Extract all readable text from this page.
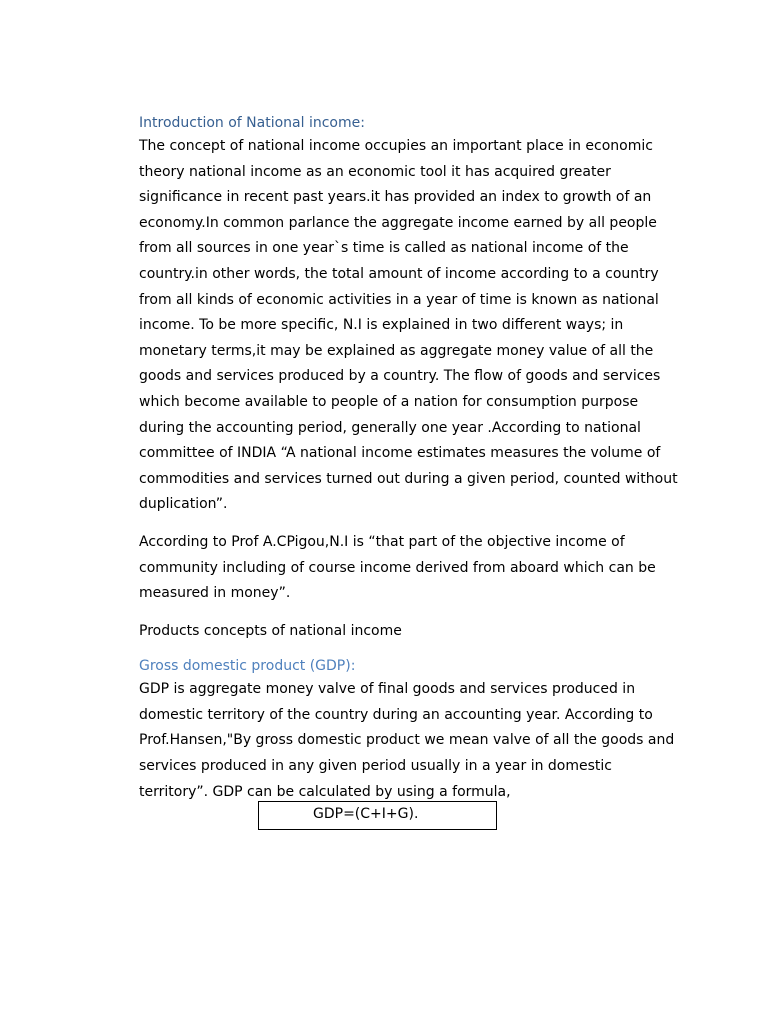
Introduction of National income:

The concept of national income occupies an important place in economic
theory national income as an economic tool it has acquired greater
significance in recent past years.it has provided an index to growth of an
economy.In common parlance the aggregate income earned by all people
from all sources in one year`s time is called as national income of the
country.in other words, the total amount of income according to a country
from all kinds of economic activities in a year of time is known as national
income. To be more specific, N.I is explained in two different ways; in
monetary terms,it may be explained as aggregate money value of all the
goods and services produced by a country. The flow of goods and services
which become available to people of a nation for consumption purpose
during the accounting period, generally one year .According to national
committee of INDIA “A national income estimates measures the volume of
commodities and services turned out during a given period, counted without
duplication”.

According to Prof A.CPigou,N.I is “that part of the objective income of
community including of course income derived from aboard which can be
measured in money”.

Products concepts of national income

Gross domestic product (GDP):

GDP is aggregate money valve of final goods and services produced in
domestic territory of the country during an accounting year. According to
Prof.Hansen,"By gross domestic product we mean valve of all the goods and
services produced in any given period usually in a year in domestic
territory”. GDP can be calculated by using a formula,

GDP=(C+I+G).
